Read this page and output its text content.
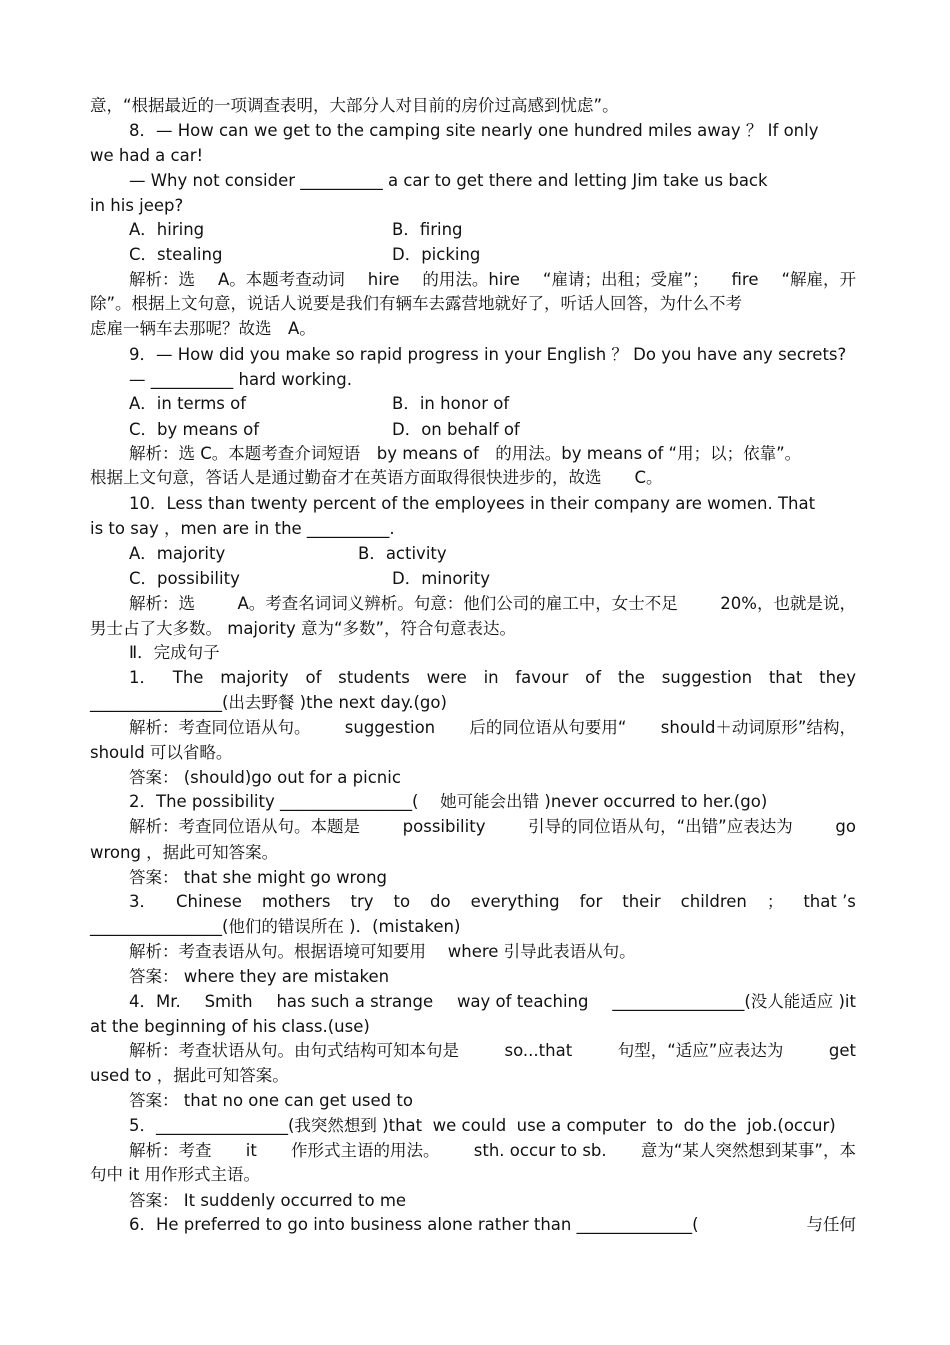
意，“根据最近的一项调查表明，大部分人对目前的房价过高感到忧虑”。
8．— How can we get to the camping site nearly one hundred miles away ？ If only
we had a car!
— Why not consider __________ a car to get there and letting Jim take us back
in his jeep?
A．hiring	B．firing
C．stealing	D．picking
解析：选 A。本题考查动词 hire 的用法。hire “雇请；出租；受雇”； fire “解雇，开
除”。根据上文句意，说话人说要是我们有辆车去露营地就好了，听话人回答，为什么不考
虑雇一辆车去那呢？故选　A。
9．— How did you make so rapid progress in your English ？ Do you have any secrets?
— __________ hard working.
A．in terms of	B．in honor of
C．by means of	D．on behalf of
解析：选 C。本题考查介词短语　by means of　的用法。by means of “用；以；依靠”。
根据上文句意，答话人是通过勤奋才在英语方面取得很快进步的，故选　　C。
10．Less than twenty percent of the employees in their company are women. That
is to say ，men are in the __________.
A．majority	B．activity
C．possibility	D．minority
解析：选	A。考查名词词义辨析。句意：他们公司的雇工中，女士不足	20%，也就是说，
男士占了大多数。 majority 意为“多数”，符合句意表达。
Ⅱ．完成句子
1． The majority of students were in favour of the suggestion that they
________________(出去野餐 )the next day.(go)
解析：考查同位语从句。 suggestion 后的同位语从句要用“ should＋动词原形”结构，
should 可以省略。
答案： (should)go out for a picnic
2．The possibility ________________( 　她可能会出错 )never occurred to her.(go)
解析：考查同位语从句。本题是	possibility	引导的同位语从句，“出错”应表达为	go
wrong ，据此可知答案。
答案： that she might go wrong
3． Chinese mothers try to do everything for their children ； that ’s
________________(他们的错误所在 )．(mistaken)
解析：考查表语从句。根据语境可知要用　 where 引导此表语从句。
答案： where they are mistaken
4．Mr. Smith has such a strange way of teaching ________________(没人能适应 )it
at the beginning of his class.(use)
解析：考查状语从句。由句式结构可知本句是	so...that	句型，“适应”应表达为	get
used to ，据此可知答案。
答案： that no one can get used to
5．________________(我突然想到 )that  we could  use a computer  to  do the  job.(occur)
解析：考查 it 作形式主语的用法。 sth. occur to sb. 意为“某人突然想到某事”，本
句中 it 用作形式主语。
答案： It suddenly occurred to me
6．He preferred to go into business alone rather than ______________(	与任何
